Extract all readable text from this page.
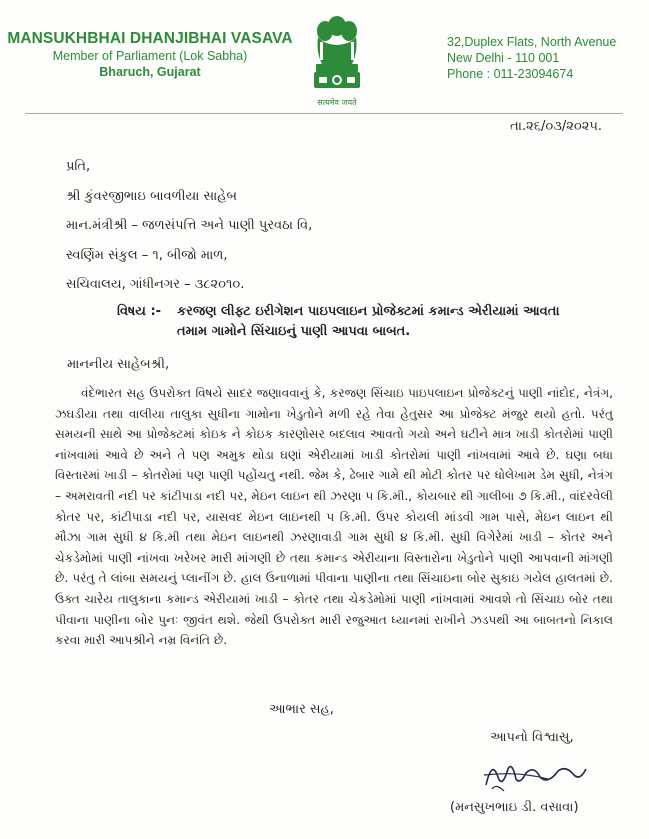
MANSUKHBHAI DHANJIBHAI VASAVA
Member of Parliament (Lok Sabha)
Bharuch, Gujarat
सत्यमेव जयते
32,Duplex Flats, North Avenue
New Delhi - 110 001
Phone : 011-23094674
તા.૨૬/૦૩/૨૦૨૫.
પ્રતિ,
શ્રી કુંવરજીભાઇ બાવળીયા સાહેબ
માન.મંત્રીશ્રી – જળસંપત્તિ અને પાણી પુરવઠા વિ,
સ્વર્ણિમ સંકુલ – ૧, બીજો માળ,
સચિવાલય, ગાંધીનગર – ૩૮૨૦૧૦.
વિષય :- કરજણ લીફ્ટ ઇરીગેશન પાઇપલાઇન પ્રોજેક્ટમાં કમાન્ડ એરીયામાં આવતા
તમામ ગામોને સિંચાઇનું પાણી આપવા બાબત.
માનનીય સાહેબશ્રી,
વંદેભારત સહ ઉપરોક્ત વિષયે સાદર જણાવવાનું કે, કરજણ સિંચાઇ પાઇપલાઇન પ્રોજેક્ટનું પાણી નાંદોદ, નેત્રંગ, ઝઘડીયા તથા વાલીયા તાલુકા સુધીના ગામોના ખેડુતોને મળી રહે તેવા હેતુસર આ પ્રોજેક્ટ મંજુર થયો હતો. પરંતુ સમયની સાથે આ પ્રોજેક્ટમાં કોઇક ને કોઇક કારણોસર બદલાવ આવતો ગયો અને ઘટીને માત્ર ખાડી કોતરોમાં પાણી નાંખવામાં આવે છે અને તે પણ અમુક થોડા ઘણાં એરીયામાં ખાડી કોતરોમાં પાણી નાંખવામાં આવે છે. ઘણા બધા વિસ્તારમાં ખાડી – કોતરોમાં પણ પાણી પહોંચતુ નથી. જેમ કે, ઢેબાર ગામે થી મોટી કોતર પર ધોલેખામ ડેમ સુધી, નેત્રંગ – અમરાવતી નદી પર કાંટીપાડા નદી પર, મેઇન લાઇન થી ઝરણા ૫ કિ.મી., કોયબાર થી ગાલીબા ૭ કિ.મી., વાંદરવેલી કોતર પર, કાંટીપાડા નદી પર, યાસવદ મેઇન લાઇનથી ૫ કિ.મી. ઉપર કોયલી માંડવી ગામ પાસે, મેઇન લાઇન થી મૌઝા ગામ સુધી ૪ કિ.મી તથા મેઇન લાઇનથી ઝરણાવાડી ગામ સુધી ૪ કિ.મી. સુધી વિગેરેમાં ખાડી – કોતર અને ચેકડેમોમાં પાણી નાંખવા ખરેખર મારી માંગણી છે તથા કમાન્ડ એરીયાના વિસ્તારોના ખેડુતોને પાણી આપવાની માંગણી છે. પરંતુ તે લાંબા સમયનું પ્લાનીંગ છે. હાલ ઉનાળામાં પીવાના પાણીના તથા સિંચાઇના બોર સુકાઇ ગયેલ હાલતમાં છે. ઉક્ત ચારેય તાલુકાના કમાન્ડ એરીયામાં ખાડી – કોતર તથા ચેકડેમોમાં પાણી નાંખવામાં આવશે તો સિંચાઇ બોર તથા પીવાના પાણીના બોર પુનઃ જીવંત થશે. જેથી ઉપરોક્ત મારી રજુઆત ધ્યાનમાં રાખીને ઝડપથી આ બાબતનો નિકાલ કરવા મારી આપશ્રીને નમ્ર વિનંતિ છે.
આભાર સહ,
આપનો વિશ્વાસુ,
(મનસુખભાઇ ડી. વસાવા)
